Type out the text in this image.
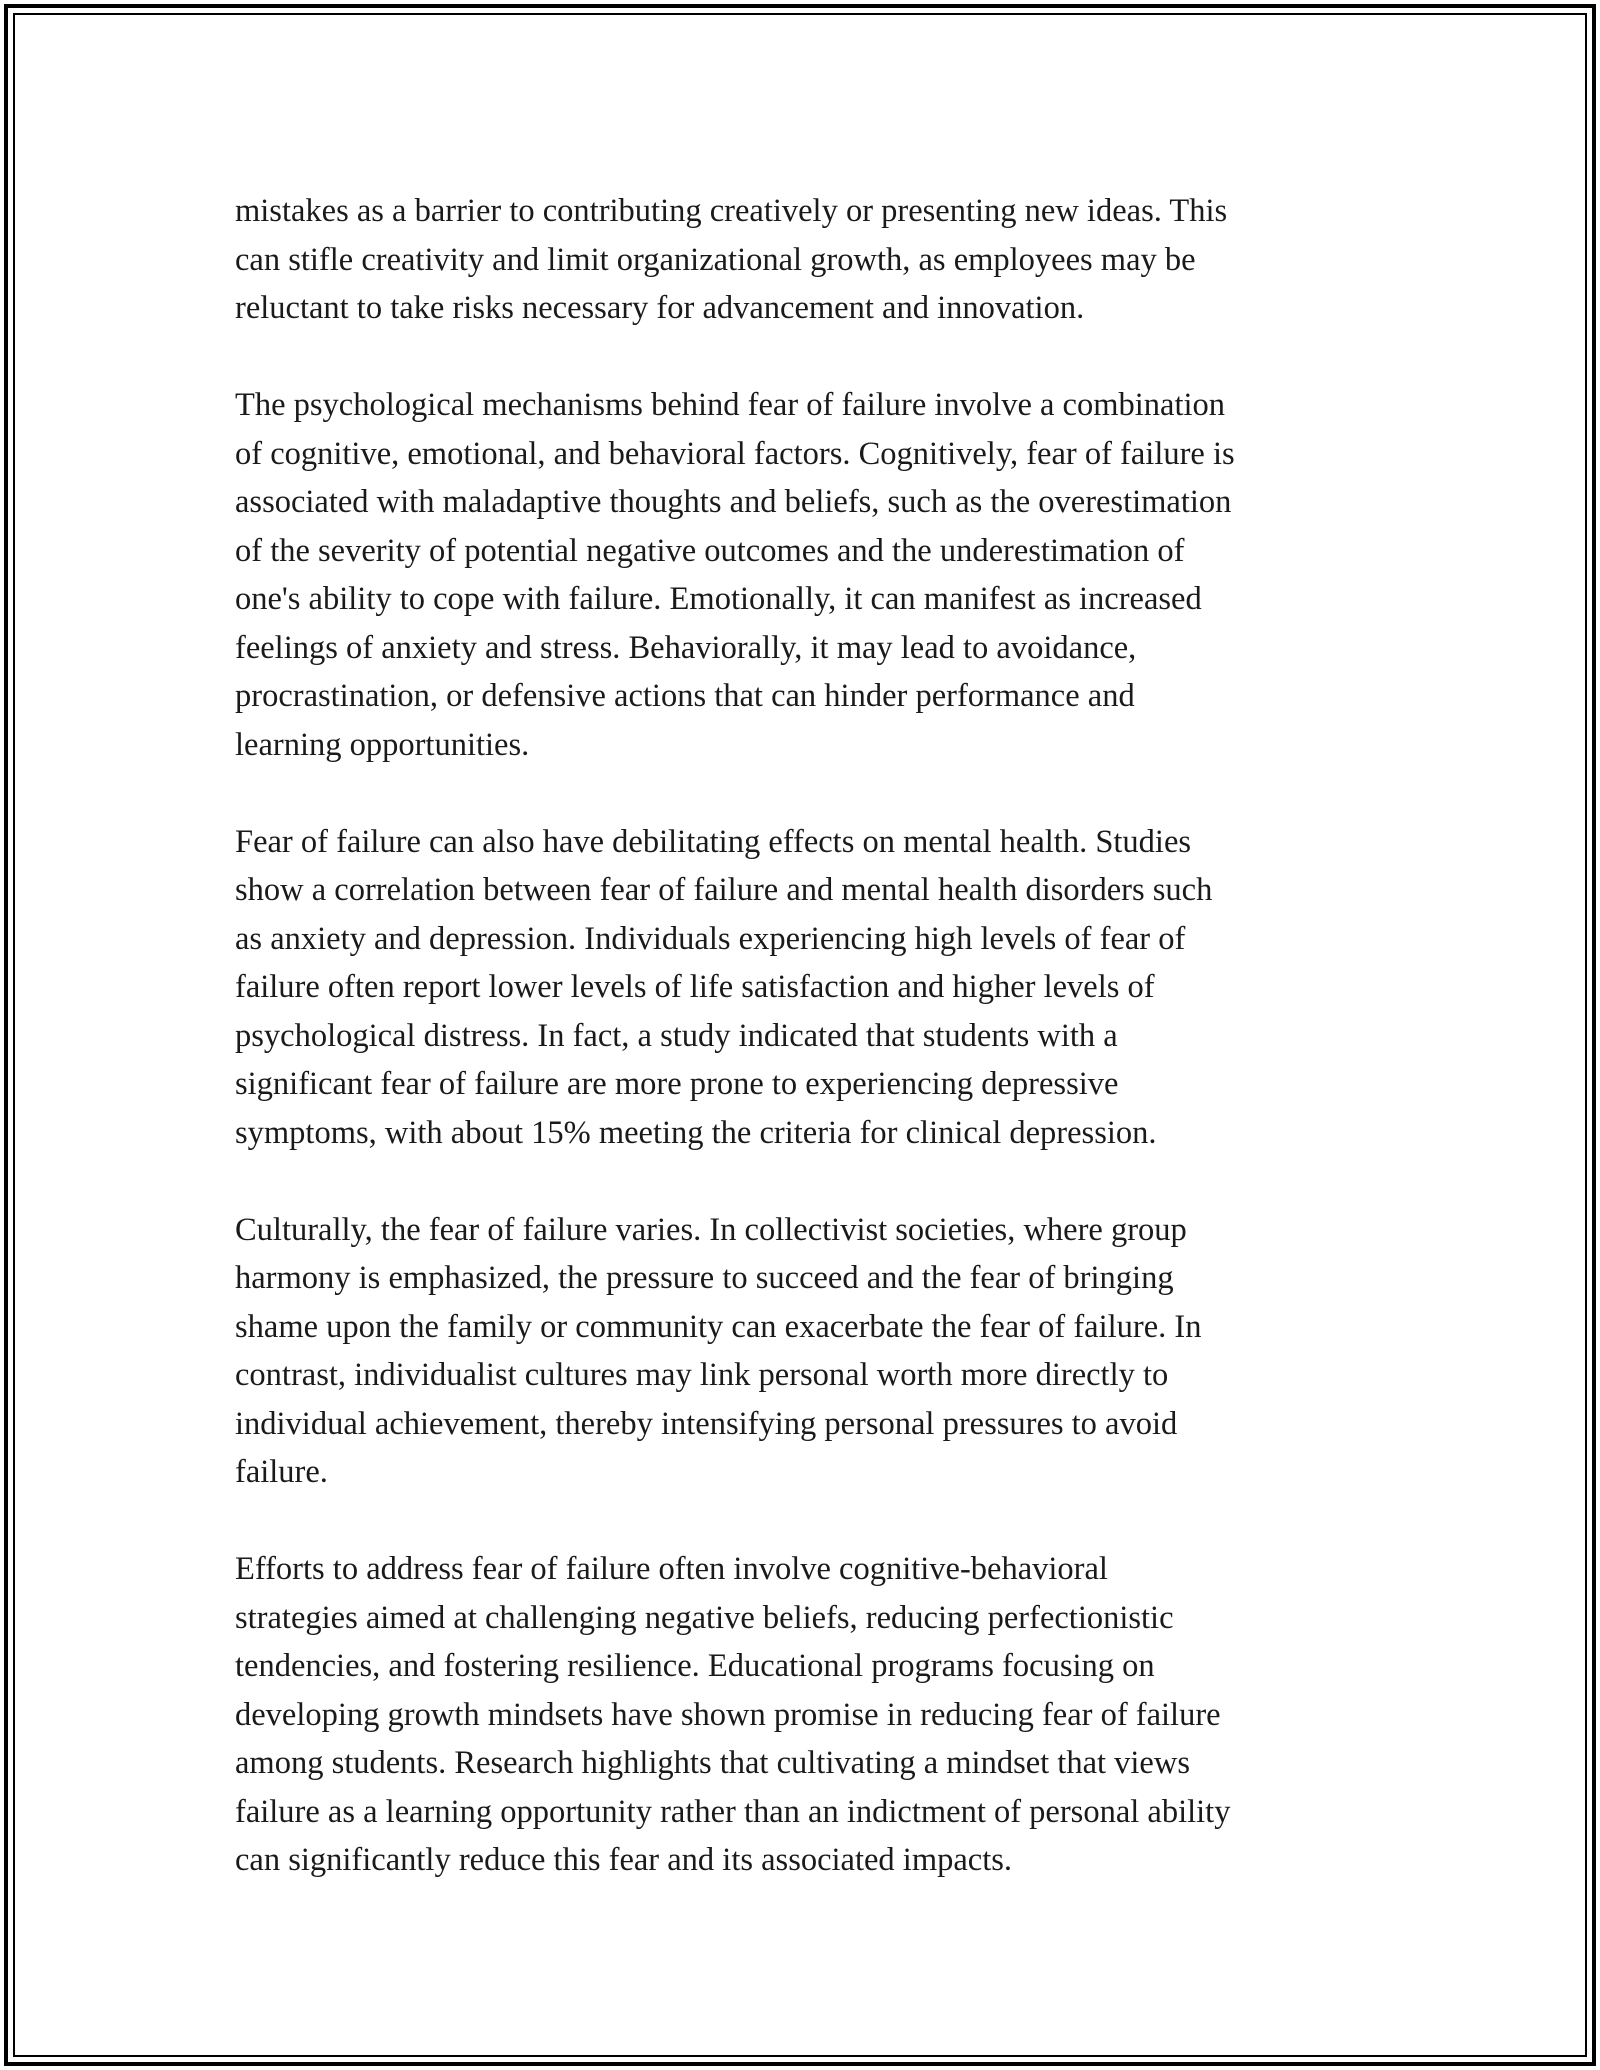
mistakes as a barrier to contributing creatively or presenting new ideas. This
can stifle creativity and limit organizational growth, as employees may be
reluctant to take risks necessary for advancement and innovation.

The psychological mechanisms behind fear of failure involve a combination
of cognitive, emotional, and behavioral factors. Cognitively, fear of failure is
associated with maladaptive thoughts and beliefs, such as the overestimation
of the severity of potential negative outcomes and the underestimation of
one's ability to cope with failure. Emotionally, it can manifest as increased
feelings of anxiety and stress. Behaviorally, it may lead to avoidance,
procrastination, or defensive actions that can hinder performance and
learning opportunities.

Fear of failure can also have debilitating effects on mental health. Studies
show a correlation between fear of failure and mental health disorders such
as anxiety and depression. Individuals experiencing high levels of fear of
failure often report lower levels of life satisfaction and higher levels of
psychological distress. In fact, a study indicated that students with a
significant fear of failure are more prone to experiencing depressive
symptoms, with about 15% meeting the criteria for clinical depression.

Culturally, the fear of failure varies. In collectivist societies, where group
harmony is emphasized, the pressure to succeed and the fear of bringing
shame upon the family or community can exacerbate the fear of failure. In
contrast, individualist cultures may link personal worth more directly to
individual achievement, thereby intensifying personal pressures to avoid
failure.

Efforts to address fear of failure often involve cognitive-behavioral
strategies aimed at challenging negative beliefs, reducing perfectionistic
tendencies, and fostering resilience. Educational programs focusing on
developing growth mindsets have shown promise in reducing fear of failure
among students. Research highlights that cultivating a mindset that views
failure as a learning opportunity rather than an indictment of personal ability
can significantly reduce this fear and its associated impacts.
